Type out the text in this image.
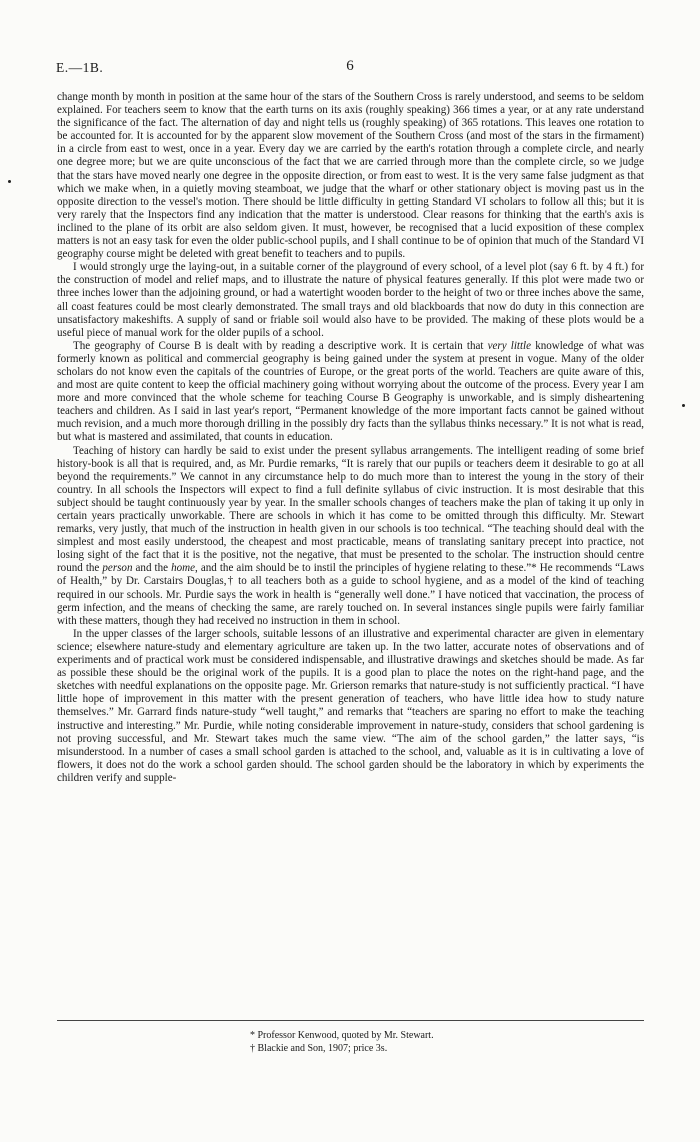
E.—1B.	6

change month by month in position at the same hour of the stars of the Southern Cross is rarely understood, and seems to be seldom explained. For teachers seem to know that the earth turns on its axis (roughly speaking) 366 times a year, or at any rate understand the significance of the fact. The alternation of day and night tells us (roughly speaking) of 365 rotations. This leaves one rotation to be accounted for. It is accounted for by the apparent slow movement of the Southern Cross (and most of the stars in the firmament) in a circle from east to west, once in a year. Every day we are carried by the earth's rotation through a complete circle, and nearly one degree more; but we are quite unconscious of the fact that we are carried through more than the complete circle, so we judge that the stars have moved nearly one degree in the opposite direction, or from east to west. It is the very same false judgment as that which we make when, in a quietly moving steamboat, we judge that the wharf or other stationary object is moving past us in the opposite direction to the vessel's motion. There should be little difficulty in getting Standard VI scholars to follow all this; but it is very rarely that the Inspectors find any indication that the matter is understood. Clear reasons for thinking that the earth's axis is inclined to the plane of its orbit are also seldom given. It must, however, be recognised that a lucid exposition of these complex matters is not an easy task for even the older public-school pupils, and I shall continue to be of opinion that much of the Standard VI geography course might be deleted with great benefit to teachers and to pupils.

I would strongly urge the laying-out, in a suitable corner of the playground of every school, of a level plot (say 6 ft. by 4 ft.) for the construction of model and relief maps, and to illustrate the nature of physical features generally. If this plot were made two or three inches lower than the adjoining ground, or had a watertight wooden border to the height of two or three inches above the same, all coast features could be most clearly demonstrated. The small trays and old blackboards that now do duty in this connection are unsatisfactory makeshifts. A supply of sand or friable soil would also have to be provided. The making of these plots would be a useful piece of manual work for the older pupils of a school.

The geography of Course B is dealt with by reading a descriptive work. It is certain that very little knowledge of what was formerly known as political and commercial geography is being gained under the system at present in vogue. Many of the older scholars do not know even the capitals of the countries of Europe, or the great ports of the world. Teachers are quite aware of this, and most are quite content to keep the official machinery going without worrying about the outcome of the process. Every year I am more and more convinced that the whole scheme for teaching Course B Geography is unworkable, and is simply disheartening teachers and children. As I said in last year's report, “Permanent knowledge of the more important facts cannot be gained without much revision, and a much more thorough drilling in the possibly dry facts than the syllabus thinks necessary.” It is not what is read, but what is mastered and assimilated, that counts in education.

Teaching of history can hardly be said to exist under the present syllabus arrangements. The intelligent reading of some brief history-book is all that is required, and, as Mr. Purdie remarks, “It is rarely that our pupils or teachers deem it desirable to go at all beyond the requirements.” We cannot in any circumstance help to do much more than to interest the young in the story of their country. In all schools the Inspectors will expect to find a full definite syllabus of civic instruction. It is most desirable that this subject should be taught continuously year by year. In the smaller schools changes of teachers make the plan of taking it up only in certain years practically unworkable. There are schools in which it has come to be omitted through this difficulty. Mr. Stewart remarks, very justly, that much of the instruction in health given in our schools is too technical. “The teaching should deal with the simplest and most easily understood, the cheapest and most practicable, means of translating sanitary precept into practice, not losing sight of the fact that it is the positive, not the negative, that must be presented to the scholar. The instruction should centre round the person and the home, and the aim should be to instil the principles of hygiene relating to these.”* He recommends “Laws of Health,” by Dr. Carstairs Douglas,† to all teachers both as a guide to school hygiene, and as a model of the kind of teaching required in our schools. Mr. Purdie says the work in health is “generally well done.” I have noticed that vaccination, the process of germ infection, and the means of checking the same, are rarely touched on. In several instances single pupils were fairly familiar with these matters, though they had received no instruction in them in school.

In the upper classes of the larger schools, suitable lessons of an illustrative and experimental character are given in elementary science; elsewhere nature-study and elementary agriculture are taken up. In the two latter, accurate notes of observations and of experiments and of practical work must be considered indispensable, and illustrative drawings and sketches should be made. As far as possible these should be the original work of the pupils. It is a good plan to place the notes on the right-hand page, and the sketches with needful explanations on the opposite page. Mr. Grierson remarks that nature-study is not sufficiently practical. “I have little hope of improvement in this matter with the present generation of teachers, who have little idea how to study nature themselves.” Mr. Garrard finds nature-study “well taught,” and remarks that “teachers are sparing no effort to make the teaching instructive and interesting.” Mr. Purdie, while noting considerable improvement in nature-study, considers that school gardening is not proving successful, and Mr. Stewart takes much the same view. “The aim of the school garden,” the latter says, “is misunderstood. In a number of cases a small school garden is attached to the school, and, valuable as it is in cultivating a love of flowers, it does not do the work a school garden should. The school garden should be the laboratory in which by experiments the children verify and supple-

* Professor Kenwood, quoted by Mr. Stewart.

† Blackie and Son, 1907; price 3s.
